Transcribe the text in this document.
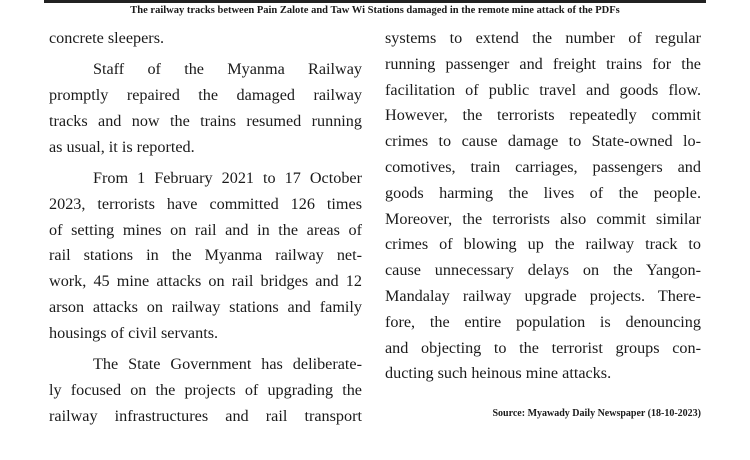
The railway tracks between Pain Zalote and Taw Wi Stations damaged in the remote mine attack of the PDFs
concrete sleepers.
Staff of the Myanma Railway
promptly repaired the damaged railway
tracks and now the trains resumed running
as usual, it is reported.
From 1 February 2021 to 17 October
2023, terrorists have committed 126 times
of setting mines on rail and in the areas of
rail stations in the Myanma railway net-
work, 45 mine attacks on rail bridges and 12
arson attacks on railway stations and family
housings of civil servants.
The State Government has deliberate-
ly focused on the projects of upgrading the
railway infrastructures and rail transport
systems to extend the number of regular
running passenger and freight trains for the
facilitation of public travel and goods flow.
However, the terrorists repeatedly commit
crimes to cause damage to State-owned lo-
comotives, train carriages, passengers and
goods harming the lives of the people.
Moreover, the terrorists also commit similar
crimes of blowing up the railway track to
cause unnecessary delays on the Yangon-
Mandalay railway upgrade projects. There-
fore, the entire population is denouncing
and objecting to the terrorist groups con-
ducting such heinous mine attacks.
Source: Myawady Daily Newspaper (18-10-2023)
